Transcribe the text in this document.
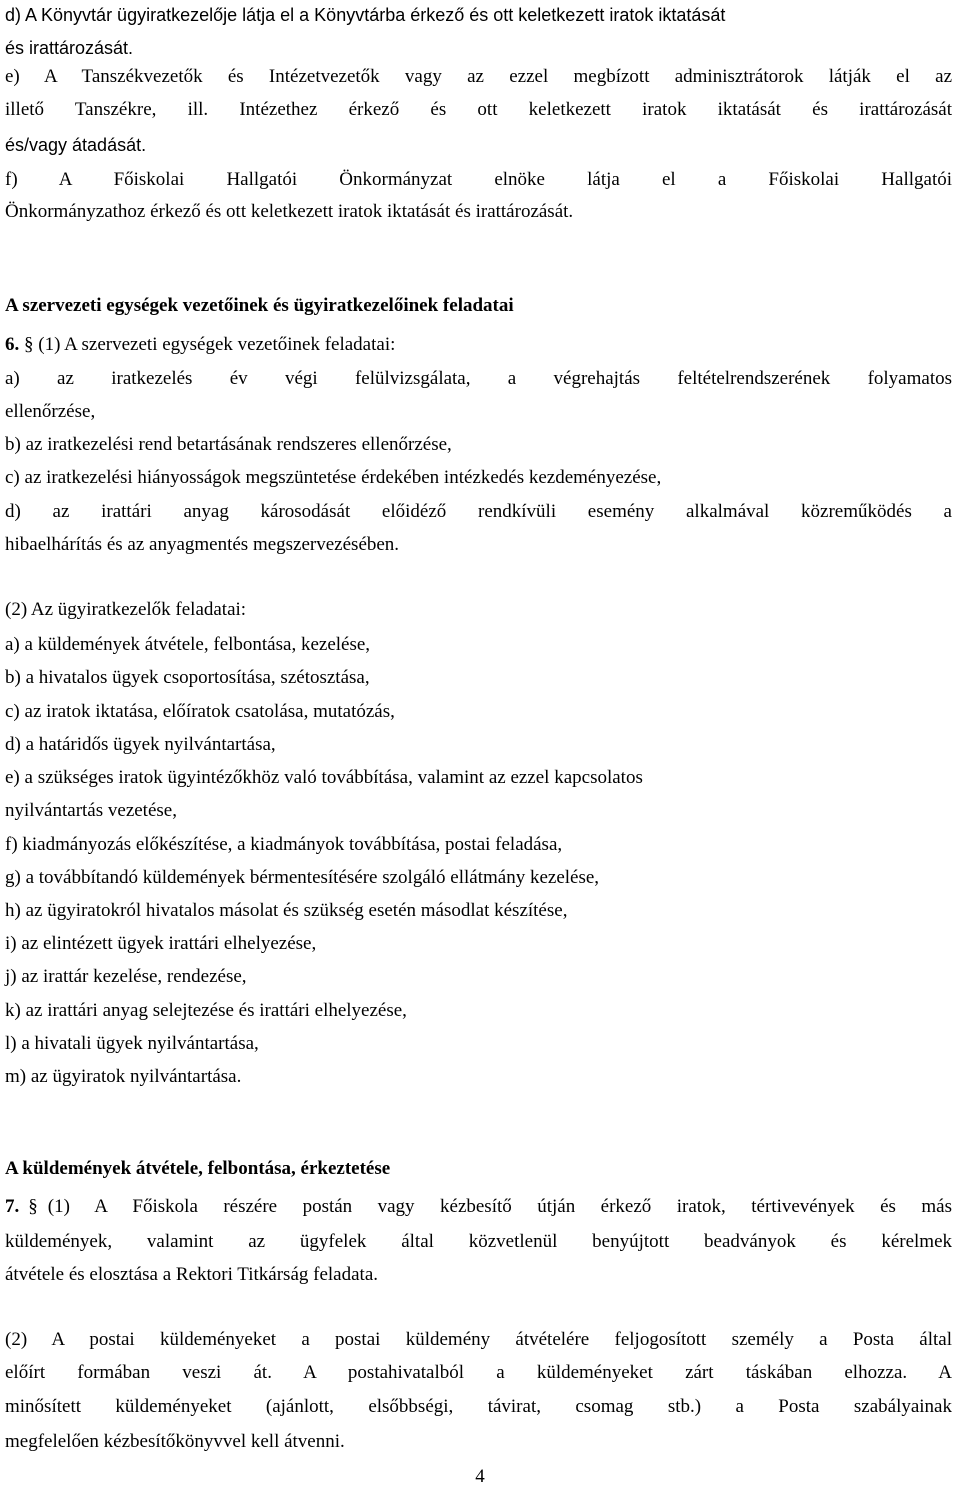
d) A Könyvtár ügyiratkezelője látja el a Könyvtárba érkező és ott keletkezett iratok iktatását
és irattározását.
e) A Tanszékvezetők és Intézetvezetők vagy az ezzel megbízott adminisztrátorok látják el az
illető Tanszékre, ill. Intézethez érkező és ott keletkezett iratok iktatását és irattározását
és/vagy átadását.
f) A Főiskolai Hallgatói Önkormányzat elnöke látja el a Főiskolai Hallgatói
Önkormányzathoz érkező és ott keletkezett iratok iktatását és irattározását.
A szervezeti egységek vezetőinek és ügyiratkezelőinek feladatai
6. § (1) A szervezeti egységek vezetőinek feladatai:
a) az iratkezelés év végi felülvizsgálata, a végrehajtás feltételrendszerének folyamatos
ellenőrzése,
b) az iratkezelési rend betartásának rendszeres ellenőrzése,
c) az iratkezelési hiányosságok megszüntetése érdekében intézkedés kezdeményezése,
d) az irattári anyag károsodását előidéző rendkívüli esemény alkalmával közreműködés a
hibaelhárítás és az anyagmentés megszervezésében.
(2) Az ügyiratkezelők feladatai:
a) a küldemények átvétele, felbontása, kezelése,
b) a hivatalos ügyek csoportosítása, szétosztása,
c) az iratok iktatása, előíratok csatolása, mutatózás,
d) a határidős ügyek nyilvántartása,
e) a szükséges iratok ügyintézőkhöz való továbbítása, valamint az ezzel kapcsolatos
nyilvántartás vezetése,
f) kiadmányozás előkészítése, a kiadmányok továbbítása, postai feladása,
g) a továbbítandó küldemények bérmentesítésére szolgáló ellátmány kezelése,
h) az ügyiratokról hivatalos másolat és szükség esetén másodlat készítése,
i) az elintézett ügyek irattári elhelyezése,
j) az irattár kezelése, rendezése,
k) az irattári anyag selejtezése és irattári elhelyezése,
l) a hivatali ügyek nyilvántartása,
m) az ügyiratok nyilvántartása.
A küldemények átvétele, felbontása, érkeztetése
7. § (1) A Főiskola részére postán vagy kézbesítő útján érkező iratok, tértivevények és más
küldemények, valamint az ügyfelek által közvetlenül benyújtott beadványok és kérelmek
átvétele és elosztása a Rektori Titkárság feladata.
(2) A postai küldeményeket a postai küldemény átvételére feljogosított személy a Posta által
előírt formában veszi át. A postahivatalból a küldeményeket zárt táskában elhozza. A
minősített küldeményeket (ajánlott, elsőbbségi, távirat, csomag stb.) a Posta szabályainak
megfelelően kézbesítőkönyvvel kell átvenni.
4
